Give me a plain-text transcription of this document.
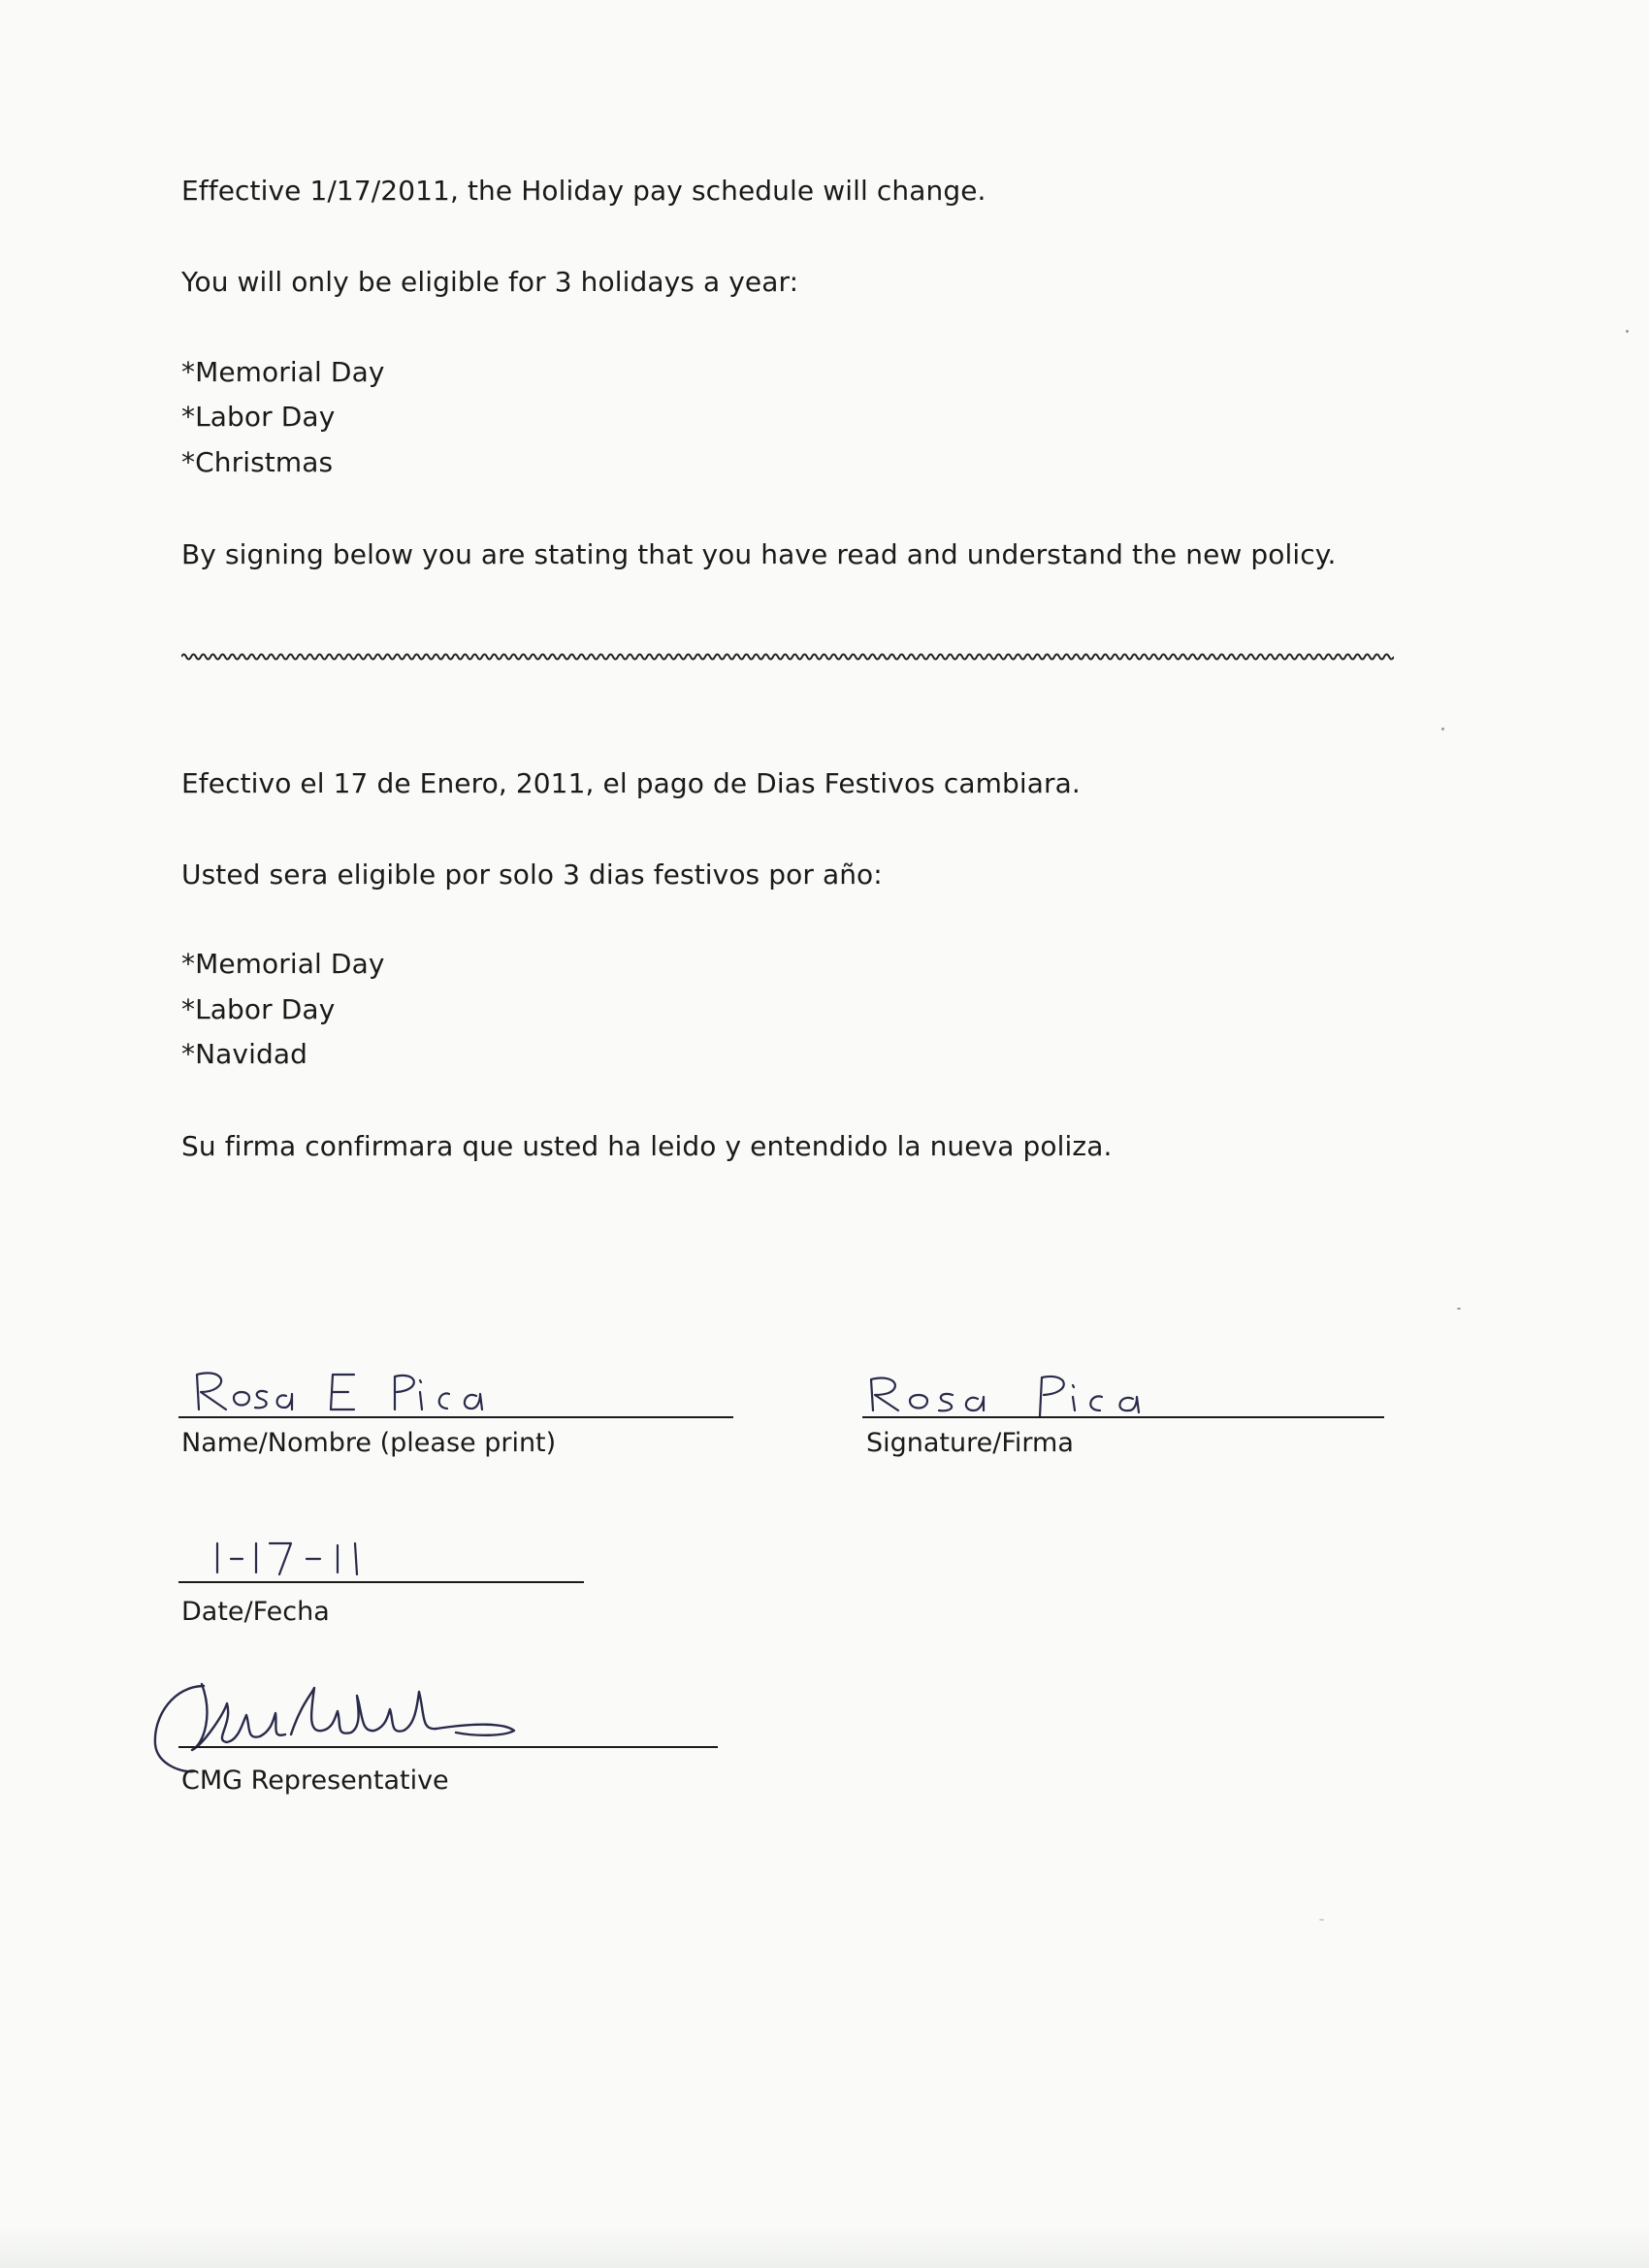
Effective 1/17/2011, the Holiday pay schedule will change.
You will only be eligible for 3 holidays a year:
*Memorial Day
*Labor Day
*Christmas
By signing below you are stating that you have read and understand the new policy.
Efectivo el 17 de Enero, 2011, el pago de Dias Festivos cambiara.
Usted sera eligible por solo 3 dias festivos por año:
*Memorial Day
*Labor Day
*Navidad
Su firma confirmara que usted ha leido y entendido la nueva poliza.
Name/Nombre (please print)	Signature/Firma
Date/Fecha
CMG Representative
